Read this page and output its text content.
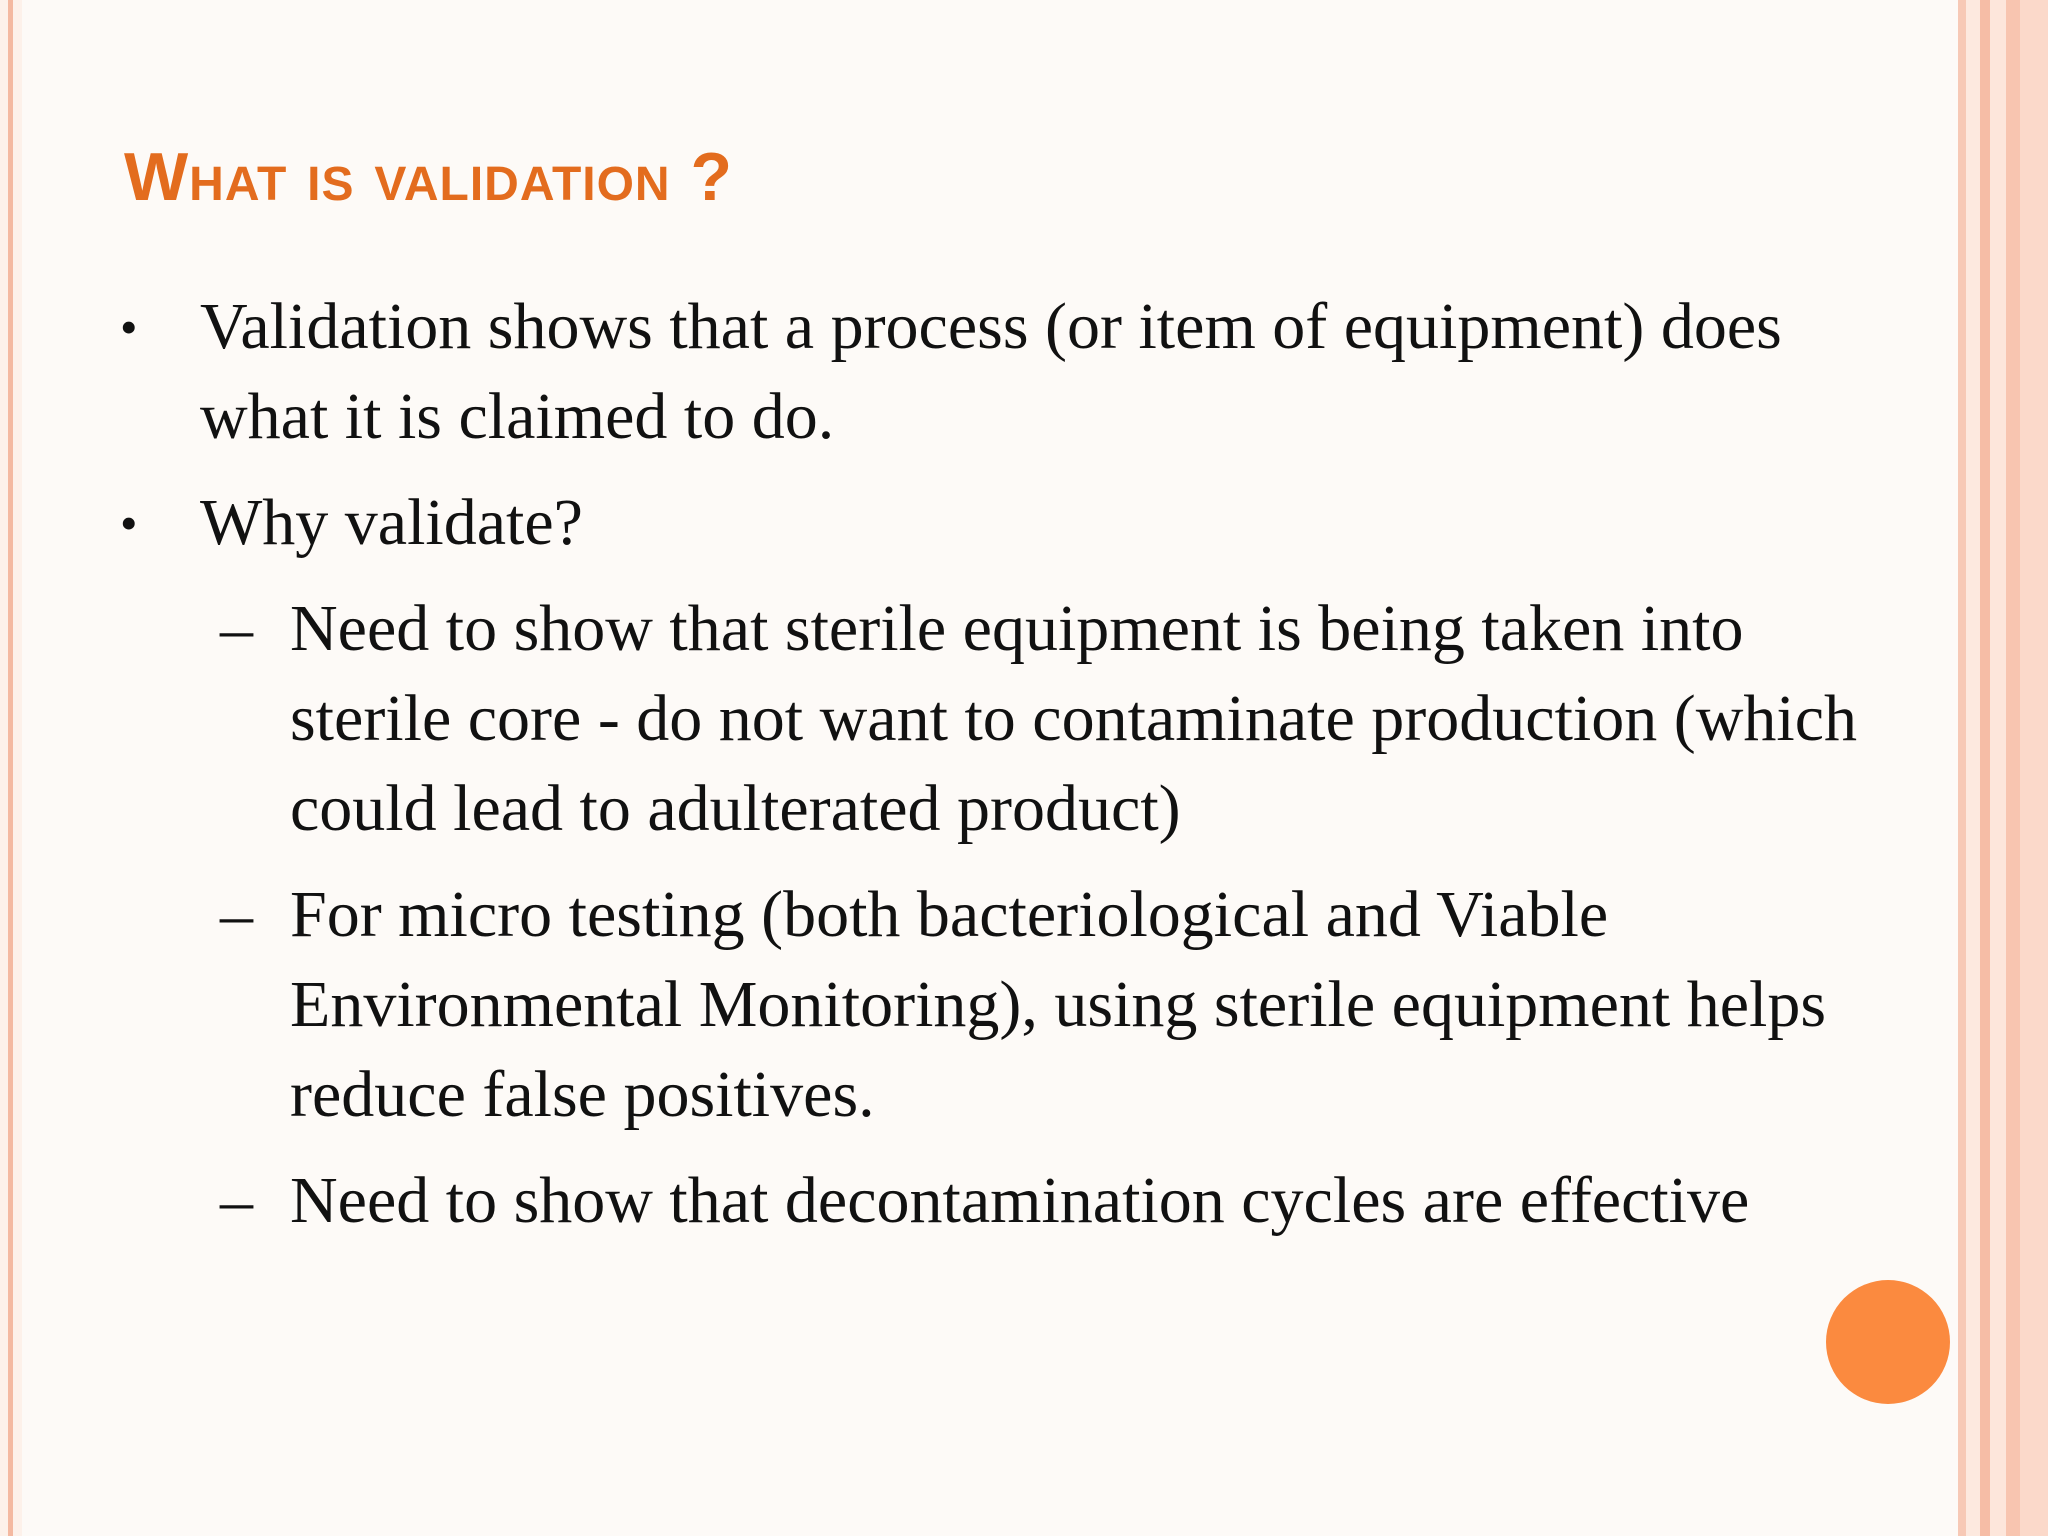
What is validation ?
• Validation shows that a process (or item of equipment) does what it is claimed to do.
• Why validate?
– Need to show that sterile equipment is being taken into sterile core - do not want to contaminate production (which could lead to adulterated product)
– For micro testing (both bacteriological and Viable Environmental Monitoring), using sterile equipment helps reduce false positives.
– Need to show that decontamination cycles are effective
